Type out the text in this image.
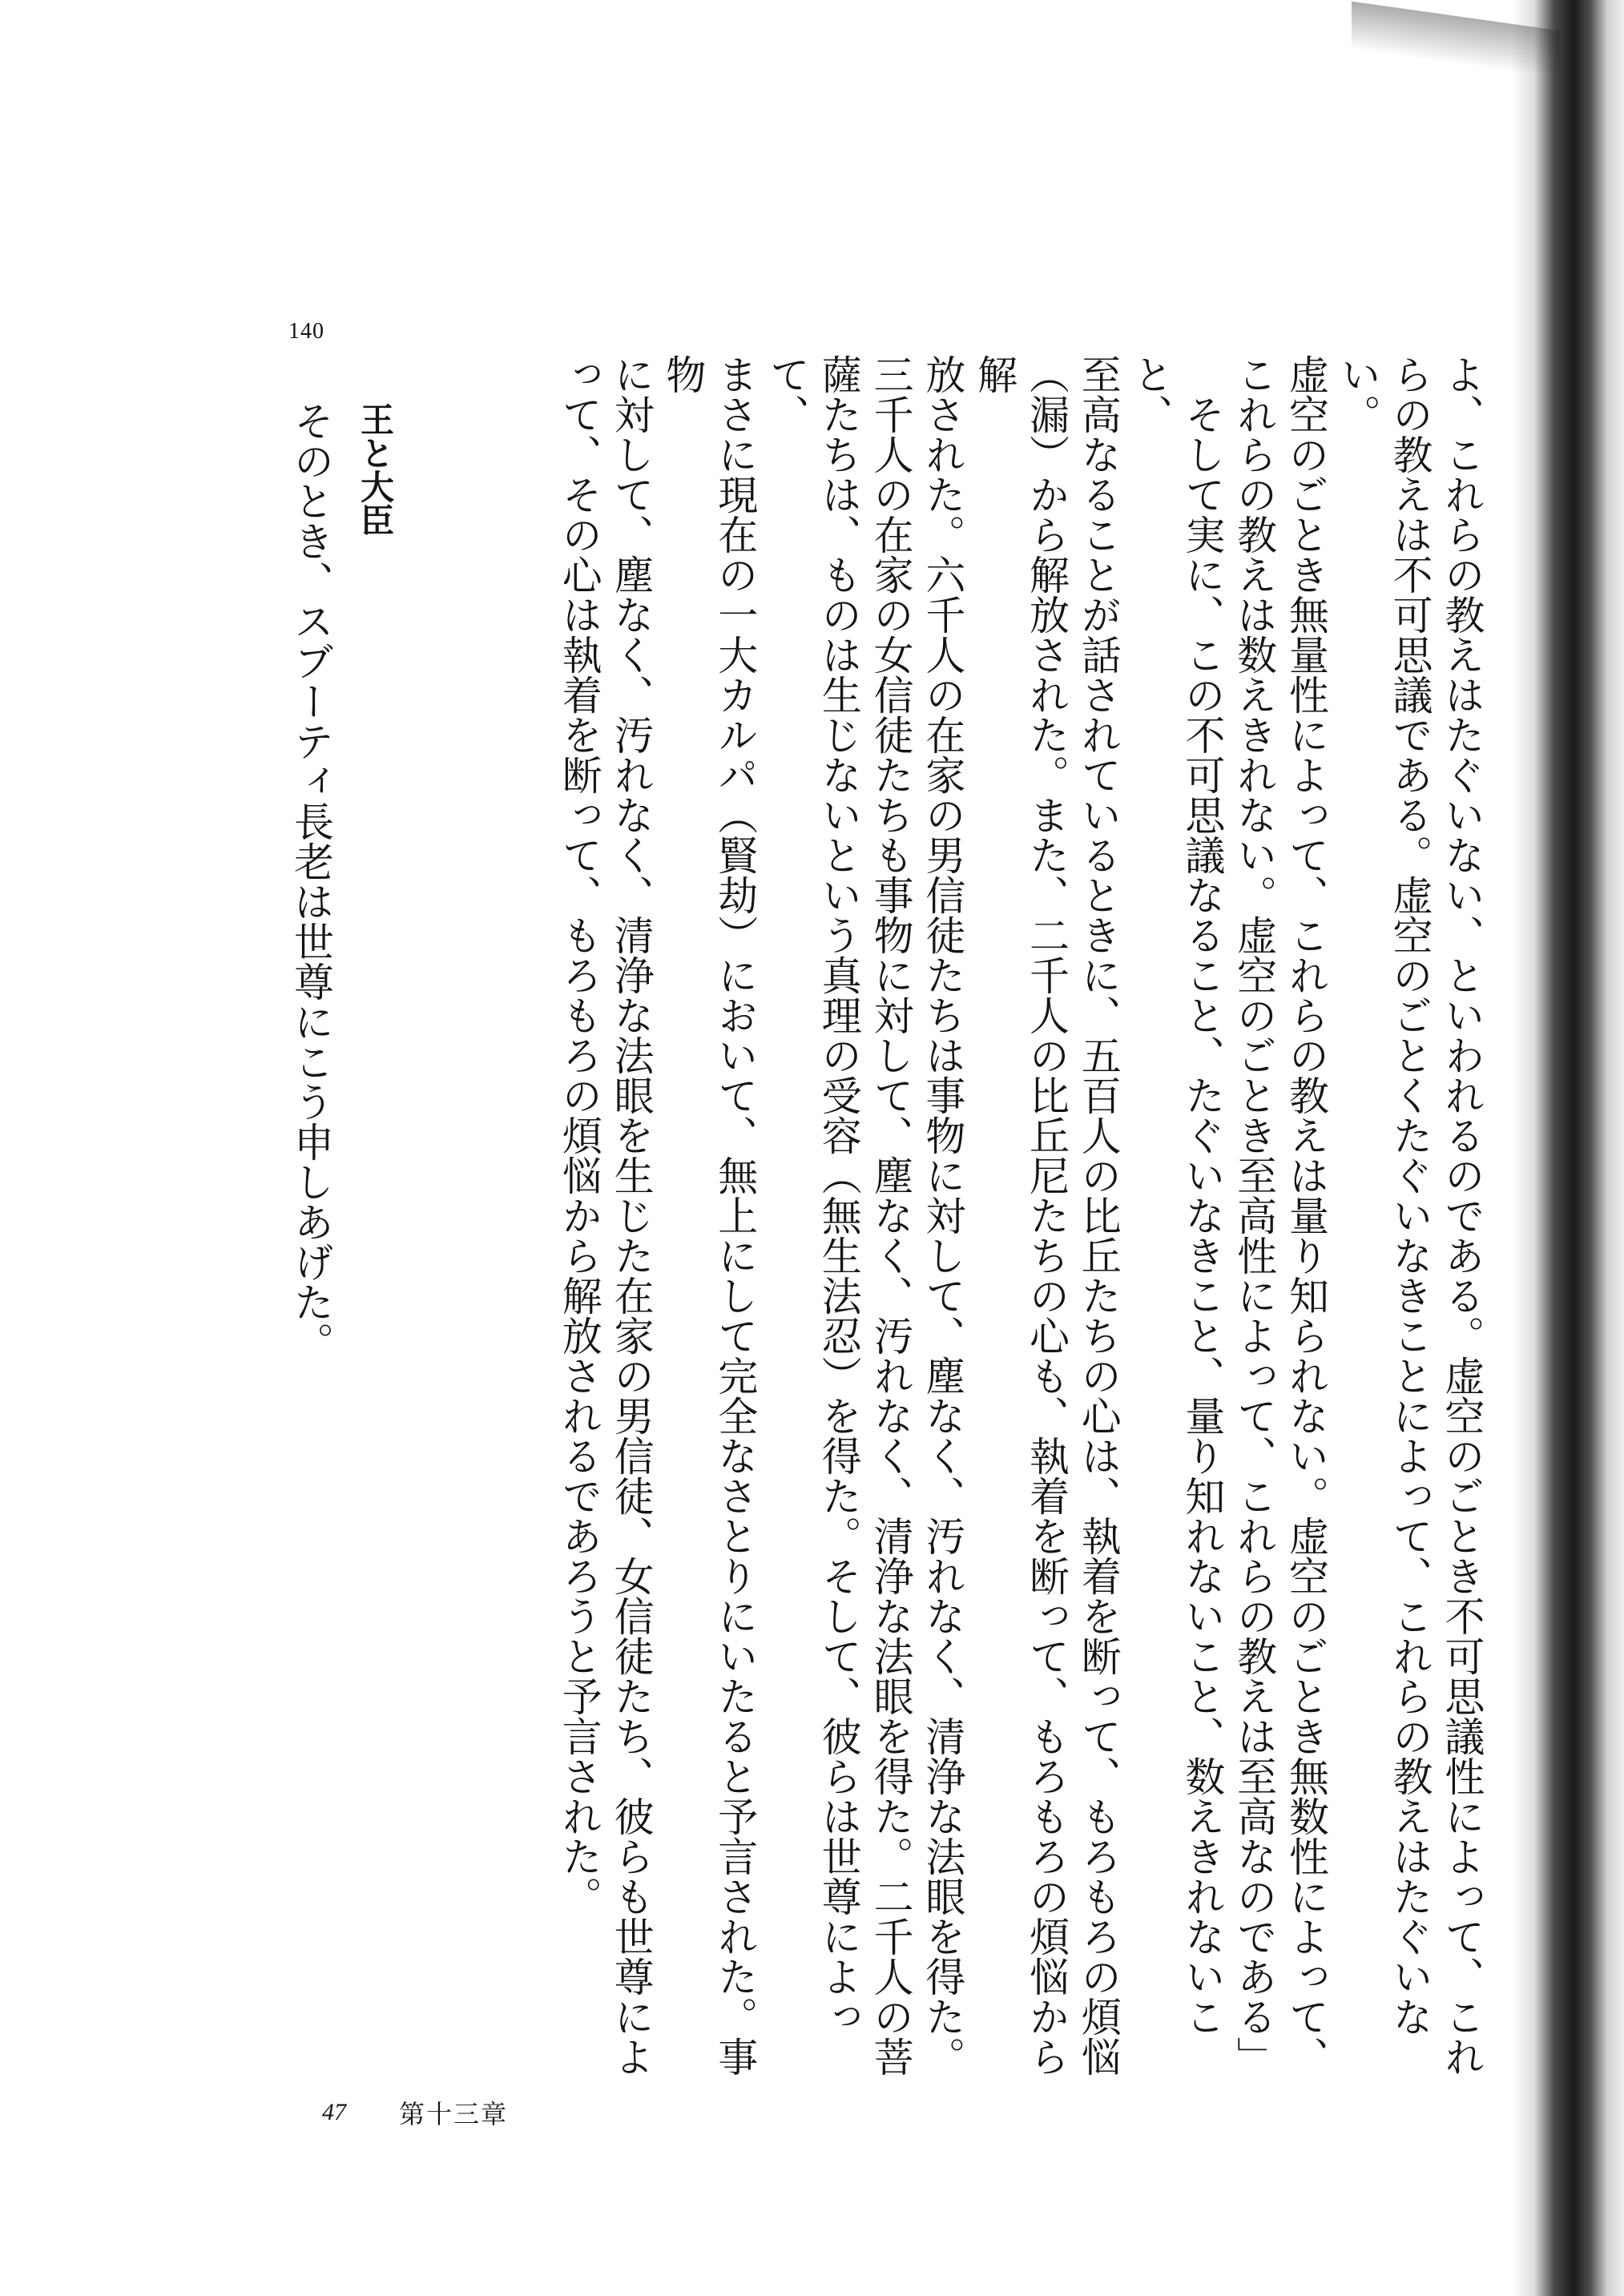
140
よ、これらの教えはたぐいない、といわれるのである。虚空のごとき不可思議性によって、これ
らの教えは不可思議である。虚空のごとくたぐいなきことによって、これらの教えはたぐいない。
虚空のごとき無量性によって、これらの教えは量り知られない。虚空のごとき無数性によって、
これらの教えは数えきれない。虚空のごとき至高性によって、これらの教えは至高なのである」
　そして実に、この不可思議なること、たぐいなきこと、量り知れないこと、数えきれないこと、
至高なることが話されているときに、五百人の比丘たちの心は、執着を断って、もろもろの煩悩
（漏）から解放された。また、二千人の比丘尼たちの心も、執着を断って、もろもろの煩悩から解
放された。六千人の在家の男信徒たちは事物に対して、塵なく、汚れなく、清浄な法眼を得た。
三千人の在家の女信徒たちも事物に対して、塵なく、汚れなく、清浄な法眼を得た。二千人の菩
薩たちは、ものは生じないという真理の受容（無生法忍）を得た。そして、彼らは世尊によって、
まさに現在の一大カルパ（賢劫）において、無上にして完全なさとりにいたると予言された。事物
に対して、塵なく、汚れなく、清浄な法眼を生じた在家の男信徒、女信徒たち、彼らも世尊によ
って、その心は執着を断って、もろもろの煩悩から解放されるであろうと予言された。
王と大臣
そのとき、スブーティ長老は世尊にこう申しあげた。
47 第十三章
